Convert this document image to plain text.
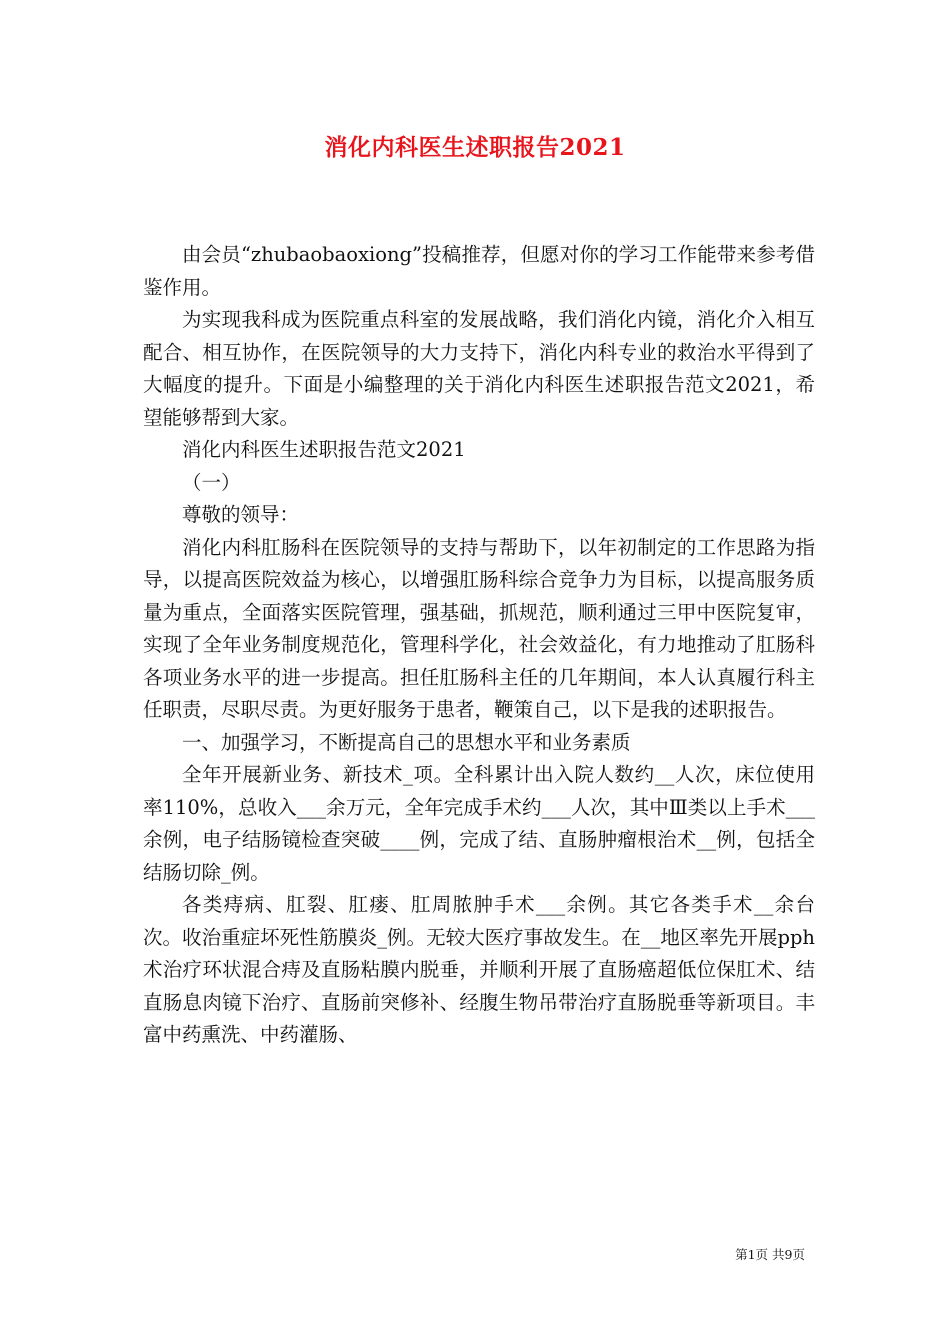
消化内科医生述职报告2021

由会员“zhubaobaoxiong”投稿推荐，但愿对你的学习工作能带来参考借鉴作用。

为实现我科成为医院重点科室的发展战略，我们消化内镜，消化介入相互配合、相互协作，在医院领导的大力支持下，消化内科专业的救治水平得到了大幅度的提升。下面是小编整理的关于消化内科医生述职报告范文2021，希望能够帮到大家。

消化内科医生述职报告范文2021

（一）

尊敬的领导：

消化内科肛肠科在医院领导的支持与帮助下，以年初制定的工作思路为指导，以提高医院效益为核心，以增强肛肠科综合竞争力为目标，以提高服务质量为重点，全面落实医院管理，强基础，抓规范，顺利通过三甲中医院复审，实现了全年业务制度规范化，管理科学化，社会效益化，有力地推动了肛肠科各项业务水平的进一步提高。担任肛肠科主任的几年期间，本人认真履行科主任职责，尽职尽责。为更好服务于患者，鞭策自己，以下是我的述职报告。

一、加强学习，不断提高自己的思想水平和业务素质

全年开展新业务、新技术_项。全科累计出入院人数约__人次，床位使用率110%，总收入___余万元，全年完成手术约___人次，其中Ⅲ类以上手术___余例，电子结肠镜检查突破____例，完成了结、直肠肿瘤根治术__例，包括全结肠切除_例。

各类痔病、肛裂、肛瘘、肛周脓肿手术___余例。其它各类手术__余台次。收治重症坏死性筋膜炎_例。无较大医疗事故发生。在__地区率先开展pph术治疗环状混合痔及直肠粘膜内脱垂，并顺利开展了直肠癌超低位保肛术、结直肠息肉镜下治疗、直肠前突修补、经腹生物吊带治疗直肠脱垂等新项目。丰富中药熏洗、中药灌肠、

第1页 共9页
